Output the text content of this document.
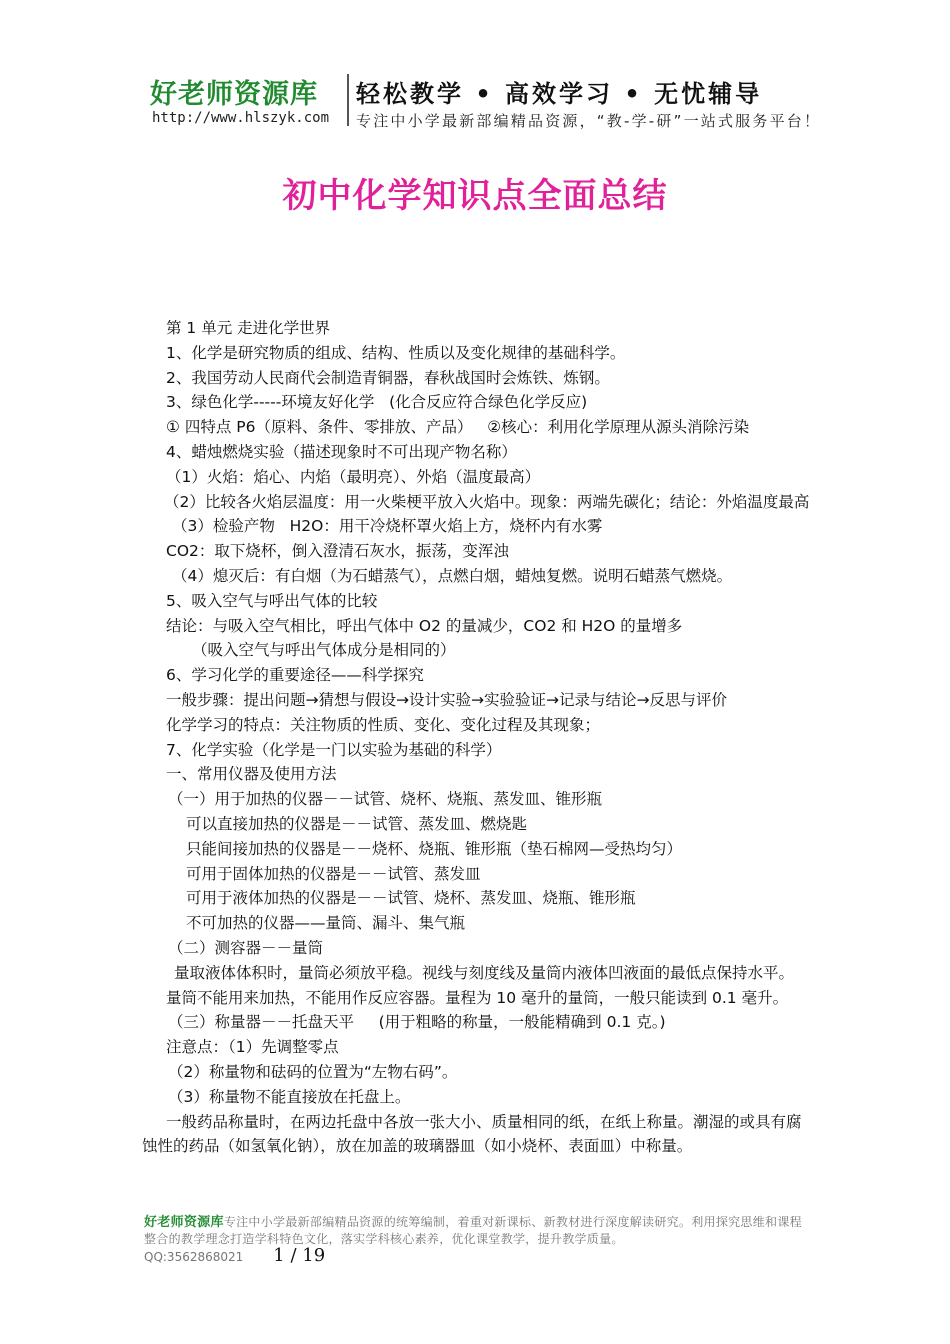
好老师资源库 轻松教学 • 高效学习 • 无忧辅导
http://www.hlszyk.com 专注中小学最新部编精品资源，“教-学-研”一站式服务平台！
初中化学知识点全面总结
第 1 单元 走进化学世界
1、化学是研究物质的组成、结构、性质以及变化规律的基础科学。
2、我国劳动人民商代会制造青铜器，春秋战国时会炼铁、炼钢。
3、绿色化学-----环境友好化学   (化合反应符合绿色化学反应)
① 四特点 P6（原料、条件、零排放、产品）   ②核心：利用化学原理从源头消除污染
4、蜡烛燃烧实验（描述现象时不可出现产物名称）
（1）火焰：焰心、内焰（最明亮）、外焰（温度最高）
（2）比较各火焰层温度：用一火柴梗平放入火焰中。现象：两端先碳化；结论：外焰温度最高
（3）检验产物   H2O：用干冷烧杯罩火焰上方，烧杯内有水雾
CO2：取下烧杯，倒入澄清石灰水，振荡，变浑浊
（4）熄灭后：有白烟（为石蜡蒸气），点燃白烟，蜡烛复燃。说明石蜡蒸气燃烧。
5、吸入空气与呼出气体的比较
结论：与吸入空气相比，呼出气体中 O2 的量减少，CO2 和 H2O 的量增多
（吸入空气与呼出气体成分是相同的）
6、学习化学的重要途径——科学探究
一般步骤：提出问题→猜想与假设→设计实验→实验验证→记录与结论→反思与评价
化学学习的特点：关注物质的性质、变化、变化过程及其现象；
7、化学实验（化学是一门以实验为基础的科学）
一、常用仪器及使用方法
（一）用于加热的仪器－－试管、烧杯、烧瓶、蒸发皿、锥形瓶
可以直接加热的仪器是－－试管、蒸发皿、燃烧匙
只能间接加热的仪器是－－烧杯、烧瓶、锥形瓶（垫石棉网—受热均匀）
可用于固体加热的仪器是－－试管、蒸发皿
可用于液体加热的仪器是－－试管、烧杯、蒸发皿、烧瓶、锥形瓶
不可加热的仪器——量筒、漏斗、集气瓶
（二）测容器－－量筒
量取液体体积时，量筒必须放平稳。视线与刻度线及量筒内液体凹液面的最低点保持水平。
量筒不能用来加热，不能用作反应容器。量程为 10 毫升的量筒，一般只能读到 0.1 毫升。
（三）称量器－－托盘天平     (用于粗略的称量，一般能精确到 0.1 克。)
注意点：（1）先调整零点
（2）称量物和砝码的位置为“左物右码”。
（3）称量物不能直接放在托盘上。
一般药品称量时，在两边托盘中各放一张大小、质量相同的纸，在纸上称量。潮湿的或具有腐蚀性的药品（如氢氧化钠），放在加盖的玻璃器皿（如小烧杯、表面皿）中称量。
好老师资源库专注中小学最新部编精品资源的统筹编制，着重对新课标、新教材进行深度解读研究。利用探究思维和课程整合的教学理念打造学科特色文化，落实学科核心素养，优化课堂教学，提升教学质量。
QQ:3562868021 1 / 19
